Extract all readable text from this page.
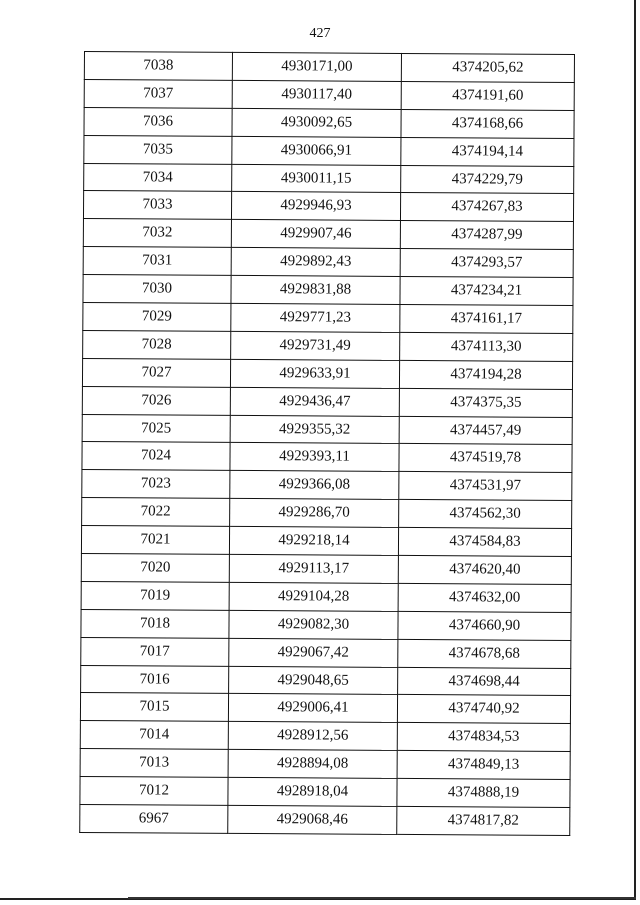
427
7038	4930171,00	4374205,62
7037	4930117,40	4374191,60
7036	4930092,65	4374168,66
7035	4930066,91	4374194,14
7034	4930011,15	4374229,79
7033	4929946,93	4374267,83
7032	4929907,46	4374287,99
7031	4929892,43	4374293,57
7030	4929831,88	4374234,21
7029	4929771,23	4374161,17
7028	4929731,49	4374113,30
7027	4929633,91	4374194,28
7026	4929436,47	4374375,35
7025	4929355,32	4374457,49
7024	4929393,11	4374519,78
7023	4929366,08	4374531,97
7022	4929286,70	4374562,30
7021	4929218,14	4374584,83
7020	4929113,17	4374620,40
7019	4929104,28	4374632,00
7018	4929082,30	4374660,90
7017	4929067,42	4374678,68
7016	4929048,65	4374698,44
7015	4929006,41	4374740,92
7014	4928912,56	4374834,53
7013	4928894,08	4374849,13
7012	4928918,04	4374888,19
6967	4929068,46	4374817,82
